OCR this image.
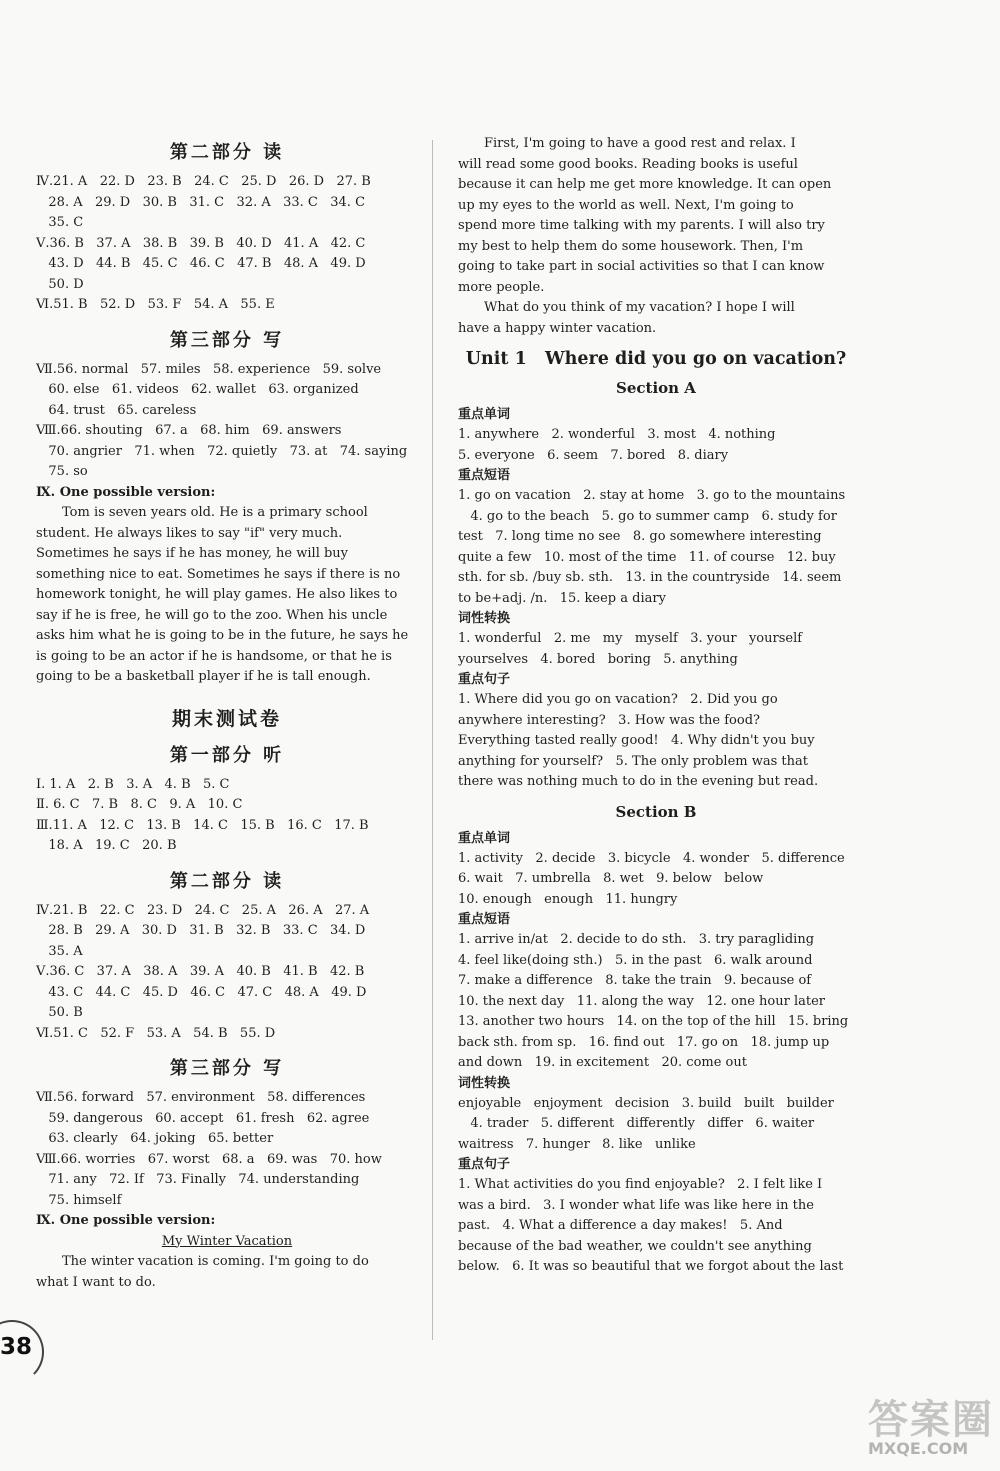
第二部分 读

Ⅳ.21. A   22. D   23. B   24. C   25. D   26. D   27. B

28. A   29. D   30. B   31. C   32. A   33. C   34. C

35. C

Ⅴ.36. B   37. A   38. B   39. B   40. D   41. A   42. C

43. D   44. B   45. C   46. C   47. B   48. A   49. D

50. D

Ⅵ.51. B   52. D   53. F   54. A   55. E

第三部分 写

Ⅶ.56. normal   57. miles   58. experience   59. solve

60. else   61. videos   62. wallet   63. organized

64. trust   65. careless

Ⅷ.66. shouting   67. a   68. him   69. answers

70. angrier   71. when   72. quietly   73. at   74. saying

75. so

Ⅸ. One possible version:

Tom is seven years old. He is a primary school

student. He always likes to say "if" very much.

Sometimes he says if he has money, he will buy

something nice to eat. Sometimes he says if there is no

homework tonight, he will play games. He also likes to

say if he is free, he will go to the zoo. When his uncle

asks him what he is going to be in the future, he says he

is going to be an actor if he is handsome, or that he is

going to be a basketball player if he is tall enough.

期末测试卷
第一部分 听

Ⅰ. 1. A   2. B   3. A   4. B   5. C

Ⅱ. 6. C   7. B   8. C   9. A   10. C

Ⅲ.11. A   12. C   13. B   14. C   15. B   16. C   17. B

18. A   19. C   20. B

第二部分 读

Ⅳ.21. B   22. C   23. D   24. C   25. A   26. A   27. A

28. B   29. A   30. D   31. B   32. B   33. C   34. D

35. A

Ⅴ.36. C   37. A   38. A   39. A   40. B   41. B   42. B

43. C   44. C   45. D   46. C   47. C   48. A   49. D

50. B

Ⅵ.51. C   52. F   53. A   54. B   55. D

第三部分 写

Ⅶ.56. forward   57. environment   58. differences

59. dangerous   60. accept   61. fresh   62. agree

63. clearly   64. joking   65. better

Ⅷ.66. worries   67. worst   68. a   69. was   70. how

71. any   72. If   73. Finally   74. understanding

75. himself

Ⅸ. One possible version:

My Winter Vacation

The winter vacation is coming. I'm going to do

what I want to do.

First, I'm going to have a good rest and relax. I

will read some good books. Reading books is useful

because it can help me get more knowledge. It can open

up my eyes to the world as well. Next, I'm going to

spend more time talking with my parents. I will also try

my best to help them do some housework. Then, I'm

going to take part in social activities so that I can know

more people.

What do you think of my vacation? I hope I will

have a happy winter vacation.

Unit 1   Where did you go on vacation?
Section A

重点单词

1. anywhere   2. wonderful   3. most   4. nothing

5. everyone   6. seem   7. bored   8. diary

重点短语

1. go on vacation   2. stay at home   3. go to the mountains

4. go to the beach   5. go to summer camp   6. study for

test   7. long time no see   8. go somewhere interesting

quite a few   10. most of the time   11. of course   12. buy

sth. for sb. /buy sb. sth.   13. in the countryside   14. seem

to be+adj. /n.   15. keep a diary

词性转换

1. wonderful   2. me   my   myself   3. your   yourself

yourselves   4. bored   boring   5. anything

重点句子

1. Where did you go on vacation?   2. Did you go

anywhere interesting?   3. How was the food?

Everything tasted really good!   4. Why didn't you buy

anything for yourself?   5. The only problem was that

there was nothing much to do in the evening but read.

Section B

重点单词

1. activity   2. decide   3. bicycle   4. wonder   5. difference

6. wait   7. umbrella   8. wet   9. below   below

10. enough   enough   11. hungry

重点短语

1. arrive in/at   2. decide to do sth.   3. try paragliding

4. feel like(doing sth.)   5. in the past   6. walk around

7. make a difference   8. take the train   9. because of

10. the next day   11. along the way   12. one hour later

13. another two hours   14. on the top of the hill   15. bring

back sth. from sp.   16. find out   17. go on   18. jump up

and down   19. in excitement   20. come out

词性转换

enjoyable   enjoyment   decision   3. build   built   builder

4. trader   5. different   differently   differ   6. waiter

waitress   7. hunger   8. like   unlike

重点句子

1. What activities do you find enjoyable?   2. I felt like I

was a bird.   3. I wonder what life was like here in the

past.   4. What a difference a day makes!   5. And

because of the bad weather, we couldn't see anything

below.   6. It was so beautiful that we forgot about the last

38
答案圈
MXQE.COM
